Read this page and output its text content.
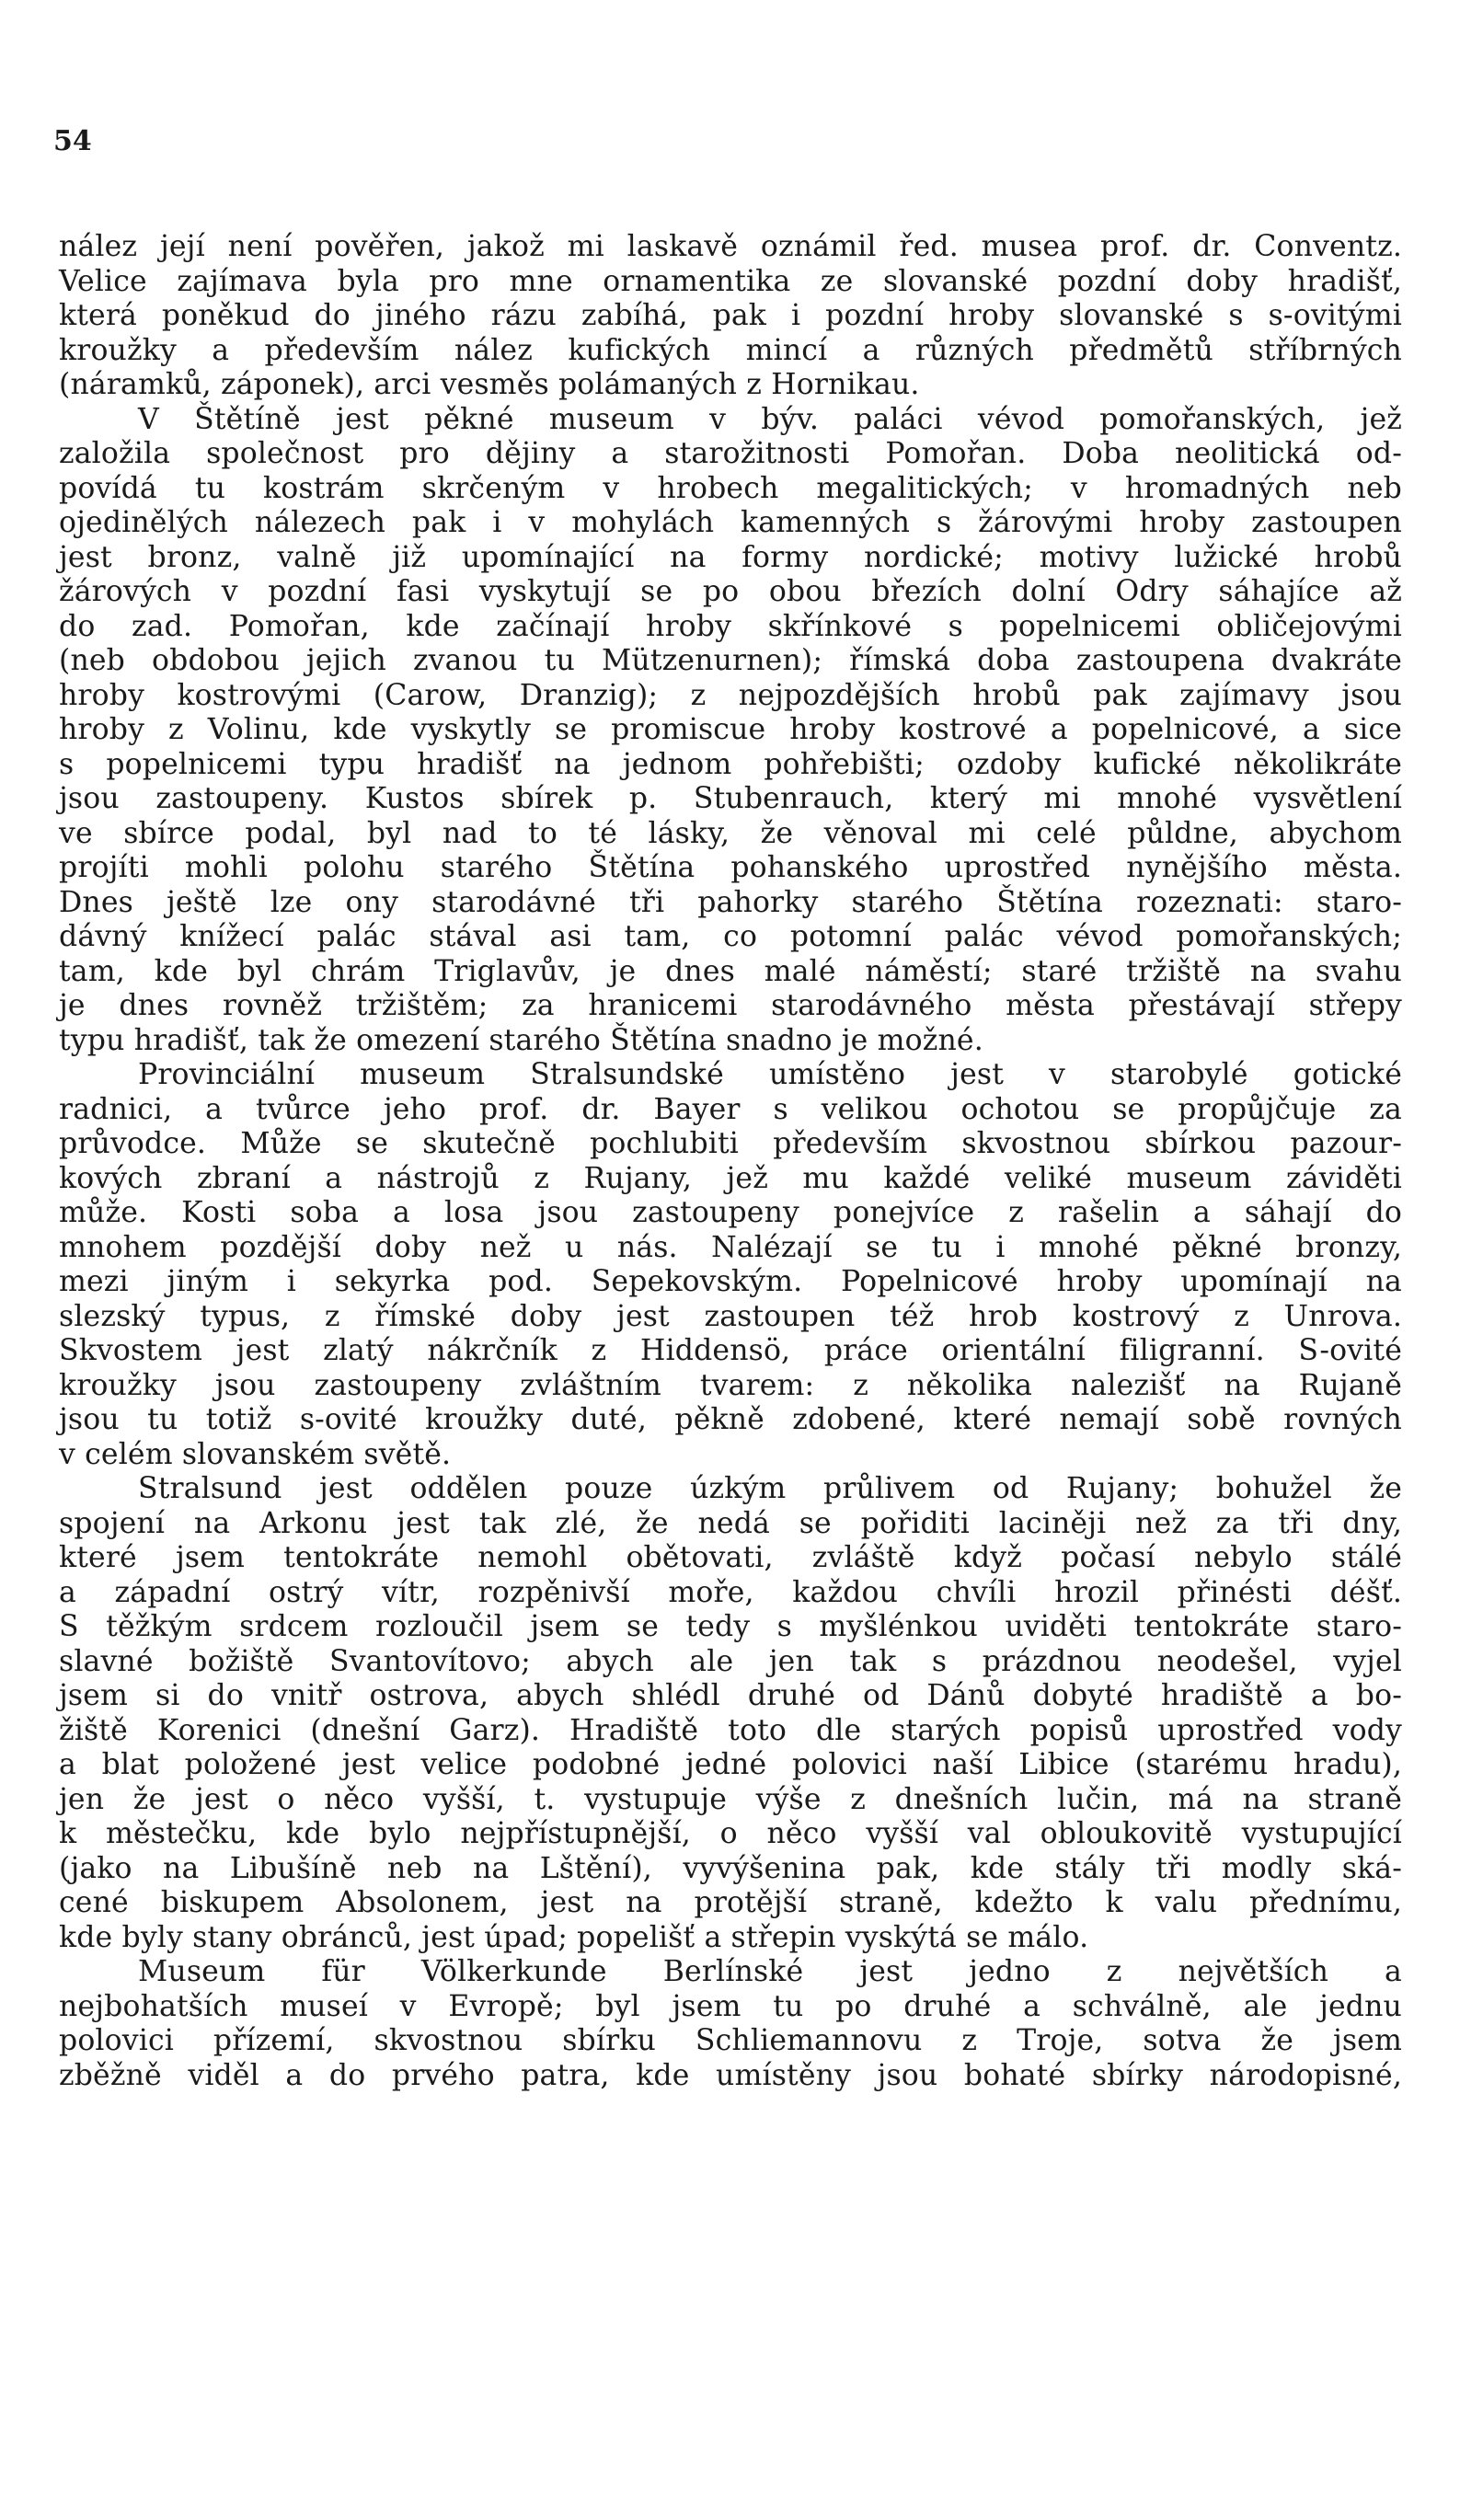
54
nález její není pověřen, jakož mi laskavě oznámil řed. musea prof. dr. Conventz.
Velice zajímava byla pro mne ornamentika ze slovanské pozdní doby hradišť,
která poněkud do jiného rázu zabíhá, pak i pozdní hroby slovanské s s-ovitými
kroužky a především nález kufických mincí a různých předmětů stříbrných
(náramků, záponek), arci vesměs polámaných z Hornikau.
V Štětíně jest pěkné museum v býv. paláci vévod pomořanských, jež
založila společnost pro dějiny a starožitnosti Pomořan. Doba neolitická od-
povídá tu kostrám skrčeným v hrobech megalitických; v hromadných neb
ojedinělých nálezech pak i v mohylách kamenných s žárovými hroby zastoupen
jest bronz, valně již upomínající na formy nordické; motivy lužické hrobů
žárových v pozdní fasi vyskytují se po obou březích dolní Odry sáhajíce až
do zad. Pomořan, kde začínají hroby skřínkové s popelnicemi obličejovými
(neb obdobou jejich zvanou tu Mützenurnen); římská doba zastoupena dvakráte
hroby kostrovými (Carow, Dranzig); z nejpozdějších hrobů pak zajímavy jsou
hroby z Volinu, kde vyskytly se promiscue hroby kostrové a popelnicové, a sice
s popelnicemi typu hradišť na jednom pohřebišti; ozdoby kufické několikráte
jsou zastoupeny. Kustos sbírek p. Stubenrauch, který mi mnohé vysvětlení
ve sbírce podal, byl nad to té lásky, že věnoval mi celé půldne, abychom
projíti mohli polohu starého Štětína pohanského uprostřed nynějšího města.
Dnes ještě lze ony starodávné tři pahorky starého Štětína rozeznati: staro-
dávný knížecí palác stával asi tam, co potomní palác vévod pomořanských;
tam, kde byl chrám Triglavův, je dnes malé náměstí; staré tržiště na svahu
je dnes rovněž tržištěm; za hranicemi starodávného města přestávají střepy
typu hradišť, tak že omezení starého Štětína snadno je možné.
Provinciální museum Stralsundské umístěno jest v starobylé gotické
radnici, a tvůrce jeho prof. dr. Bayer s velikou ochotou se propůjčuje za
průvodce. Může se skutečně pochlubiti především skvostnou sbírkou pazour-
kových zbraní a nástrojů z Rujany, jež mu každé veliké museum záviděti
může. Kosti soba a losa jsou zastoupeny ponejvíce z rašelin a sáhají do
mnohem pozdější doby než u nás. Nalézají se tu i mnohé pěkné bronzy,
mezi jiným i sekyrka pod. Sepekovským. Popelnicové hroby upomínají na
slezský typus, z římské doby jest zastoupen též hrob kostrový z Unrova.
Skvostem jest zlatý nákrčník z Hiddensö, práce orientální filigranní. S-ovité
kroužky jsou zastoupeny zvláštním tvarem: z několika nalezišť na Rujaně
jsou tu totiž s-ovité kroužky duté, pěkně zdobené, které nemají sobě rovných
v celém slovanském světě.
Stralsund jest oddělen pouze úzkým průlivem od Rujany; bohužel že
spojení na Arkonu jest tak zlé, že nedá se pořiditi laciněji než za tři dny,
které jsem tentokráte nemohl obětovati, zvláště když počasí nebylo stálé
a západní ostrý vítr, rozpěnivší moře, každou chvíli hrozil přinésti déšť.
S těžkým srdcem rozloučil jsem se tedy s myšlénkou uviděti tentokráte staro-
slavné božiště Svantovítovo; abych ale jen tak s prázdnou neodešel, vyjel
jsem si do vnitř ostrova, abych shlédl druhé od Dánů dobyté hradiště a bo-
žiště Korenici (dnešní Garz). Hradiště toto dle starých popisů uprostřed vody
a blat položené jest velice podobné jedné polovici naší Libice (starému hradu),
jen že jest o něco vyšší, t. vystupuje výše z dnešních lučin, má na straně
k městečku, kde bylo nejpřístupnější, o něco vyšší val obloukovitě vystupující
(jako na Libušíně neb na Lštění), vyvýšenina pak, kde stály tři modly ská-
cené biskupem Absolonem, jest na protější straně, kdežto k valu přednímu,
kde byly stany obránců, jest úpad; popelišť a střepin vyskýtá se málo.
Museum für Völkerkunde Berlínské jest jedno z největších a
nejbohatších museí v Evropě; byl jsem tu po druhé a schválně, ale jednu
polovici přízemí, skvostnou sbírku Schliemannovu z Troje, sotva že jsem
zběžně viděl a do prvého patra, kde umístěny jsou bohaté sbírky národopisné,
